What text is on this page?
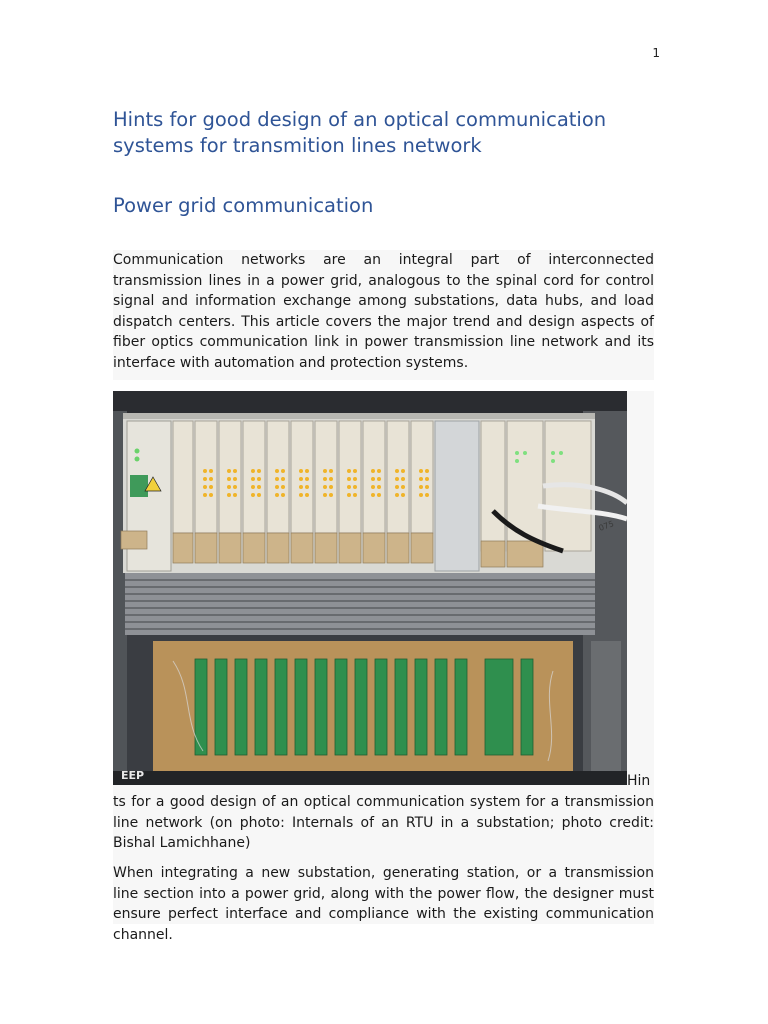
1
Hints for good design of an optical communication systems for transmition lines network
Power grid communication

Communication networks are an integral part of interconnected transmission lines in a power grid, analogous to the spinal cord for control signal and information exchange among substations, data hubs, and load dispatch centers. This article covers the major trend and design aspects of fiber optics communication link in power transmission line network and its interface with automation and protection systems.

EEP
075
Hin

ts for a good design of an optical communication system for a transmission line network (on photo: Internals of an RTU in a substation; photo credit: Bishal Lamichhane)

When integrating a new substation, generating station, or a transmission line section into a power grid, along with the power flow, the designer must ensure perfect interface and compliance with the existing communication channel.
